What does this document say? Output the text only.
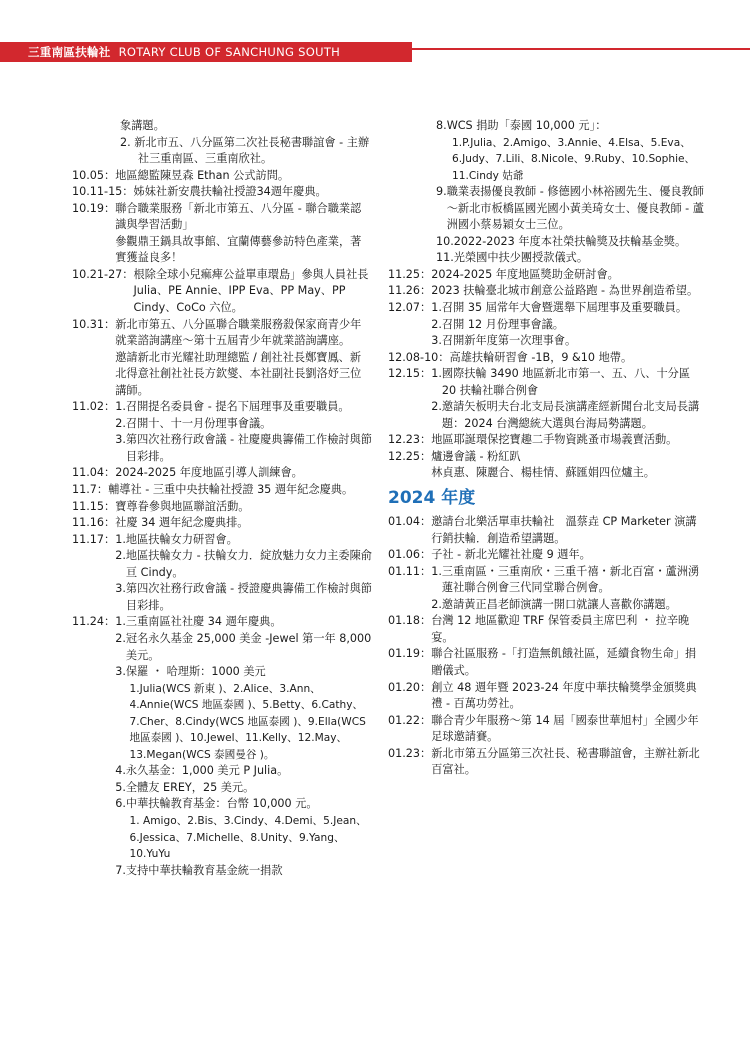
三重南區扶輪社 ROTARY CLUB OF SANCHUNG SOUTH
象講題。
2. 新北市五、八分區第二次社長秘書聯誼會 - 主辦社三重南區、三重南欣社。
10.05： 地區總監陳昱森 Ethan 公式訪問。
10.11-15： 姊妹社新安農扶輪社授證34週年慶典。
10.19： 聯合職業服務「新北市第五、八分區 - 聯合職業認識與學習活動」
參觀鼎王鍋具故事館、宜蘭傳藝參訪特色產業，著實獲益良多！
10.21-27： 根除全球小兒痲痺公益單車環島」參與人員社長 Julia、PE Annie、IPP Eva、PP May、PP Cindy、CoCo 六位。
10.31： 新北市第五、八分區聯合職業服務殺保家商青少年就業諮詢講座～第十五屆青少年就業諮詢講座。
邀請新北市光耀社助理總監 / 創社社長鄭寶鳳、新北得意社創社社長方欽燮、本社副社長劉洛妤三位講師。
11.02： 1. 召開提名委員會 - 提名下屆理事及重要職員。
2. 召開十、十一月份理事會議。
3. 第四次社務行政會議 - 社慶慶典籌備工作檢討與節目彩排。
11.04： 2024-2025 年度地區引導人訓練會。
11.7： 輔導社 - 三重中央扶輪社授證 35 週年紀念慶典。
11.15： 寶尊眷參與地區聯誼活動。
11.16： 社慶 34 週年紀念慶典排。
11.17： 1. 地區扶輪女力研習會。
2. 地區扶輪女力 - 扶輪女力．綻放魅力女力主委陳俞亘 Cindy。
3. 第四次社務行政會議 - 授證慶典籌備工作檢討與節目彩排。
11.24： 1. 三重南區社社慶 34 週年慶典。
2. 冠名永久基金 25,000 美金 -Jewel 第一年 8,000 美元。
3. 保羅 ・ 哈理斯：1000 美元
1.Julia(WCS 新東 )、2.Alice、3.Ann、4.Annie(WCS 地區泰國 )、5.Betty、6.Cathy、7.Cher、8.Cindy(WCS 地區泰國 )、9.Ella(WCS 地區泰國 )、10.Jewel、11.Kelly、12.May、13.Megan(WCS 泰國曼谷 )。
4. 永久基金：1,000 美元 P Julia。
5. 全體友 EREY，25 美元。
6. 中華扶輪教育基金：台幣 10,000 元。
1. Amigo、2.Bis、3.Cindy、4.Demi、5.Jean、6.Jessica、7.Michelle、8.Unity、9.Yang、10.YuYu
7. 支持中華扶輪教育基金統一捐款
8. WCS 捐助「泰國 10,000 元」：
1.P.Julia、2.Amigo、3.Annie、4.Elsa、5.Eva、6.Judy、7.Lili、8.Nicole、9.Ruby、10.Sophie、11.Cindy 姑爺
9. 職業表揚優良教師 - 修德國小林裕國先生、優良教師～新北市板橋區國光國小黃美琦女士、優良教師 - 蘆洲國小蔡易穎女士三位。
10. 2022-2023 年度本社榮扶輪獎及扶輪基金獎。
11. 光榮國中扶少團授款儀式。
11.25： 2024-2025 年度地區獎助金研討會。
11.26： 2023 扶輪臺北城市創意公益路跑 - 為世界創造希望。
12.07： 1. 召開 35 屆常年大會暨選舉下屆理事及重要職員。
2. 召開 12 月份理事會議。
3. 召開新年度第一次理事會。
12.08-10： 高雄扶輪研習會 -1B，9 &10 地帶。
12.15： 1. 國際扶輪 3490 地區新北市第一、五、八、十分區 20 扶輪社聯合例會
2. 邀請矢板明夫台北支局長演講產經新聞台北支局長講題：2024 台灣總統大選與台海局勢講題。
12.23： 地區耶誕環保挖寶趣二手物資跳蚤市場義賣活動。
12.25： 爐邊會議 - 粉紅趴
林貞惠、陳麗合、楊桂情、蘇匯娟四位爐主。
2024 年度
01.04： 邀請台北樂活單車扶輪社　溫蔡垚 CP Marketer 演講行銷扶輪．創造希望講題。
01.06： 子社 - 新北光耀社社慶 9 週年。
01.11： 1. 三重南區・三重南欣・三重千禧・新北百富・蘆洲湧蓮社聯合例會三代同堂聯合例會。
2. 邀請黃正昌老師演講一開口就讓人喜歡你講題。
01.18： 台灣 12 地區歡迎 TRF 保管委員主席巴利 ・ 拉辛晚宴。
01.19： 聯合社區服務 -「打造無飢餓社區，延續食物生命」捐贈儀式。
01.20： 創立 48 週年暨 2023-24 年度中華扶輪獎學金頒獎典禮 - 百萬功勞社。
01.22： 聯合青少年服務～第 14 屆「國泰世華旭村」全國少年足球邀請賽。
01.23： 新北市第五分區第三次社長、秘書聯誼會，主辦社新北百富社。
